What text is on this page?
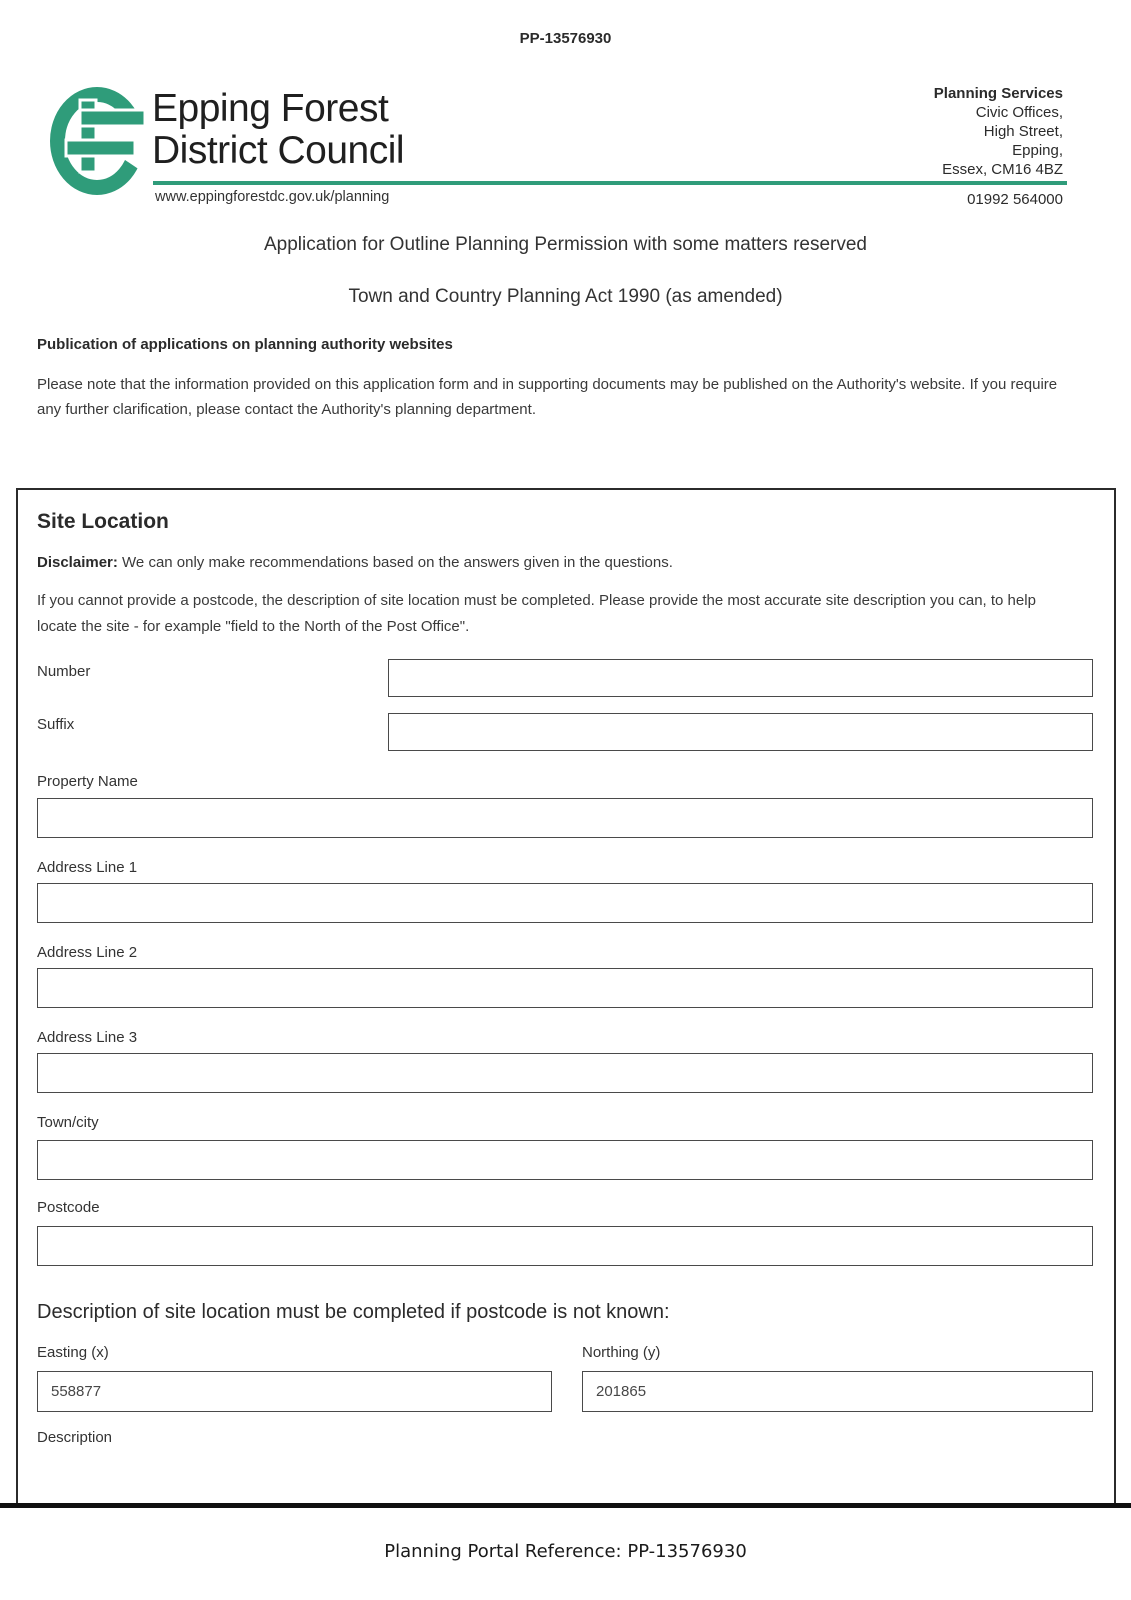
PP-13576930
Epping Forest
District Council
Planning Services
Civic Offices,
High Street,
Epping,
Essex, CM16 4BZ
www.eppingforestdc.gov.uk/planning	01992 564000
Application for Outline Planning Permission with some matters reserved
Town and Country Planning Act 1990 (as amended)
Publication of applications on planning authority websites
Please note that the information provided on this application form and in supporting documents may be published on the Authority's website. If you require any further clarification, please contact the Authority's planning department.
Site Location
Disclaimer: We can only make recommendations based on the answers given in the questions.
If you cannot provide a postcode, the description of site location must be completed. Please provide the most accurate site description you can, to help locate the site - for example "field to the North of the Post Office".
Number
Suffix
Property Name
Address Line 1
Address Line 2
Address Line 3
Town/city
Postcode
Description of site location must be completed if postcode is not known:
Easting (x)	Northing (y)
558877
201865
Description
Planning Portal Reference: PP-13576930
